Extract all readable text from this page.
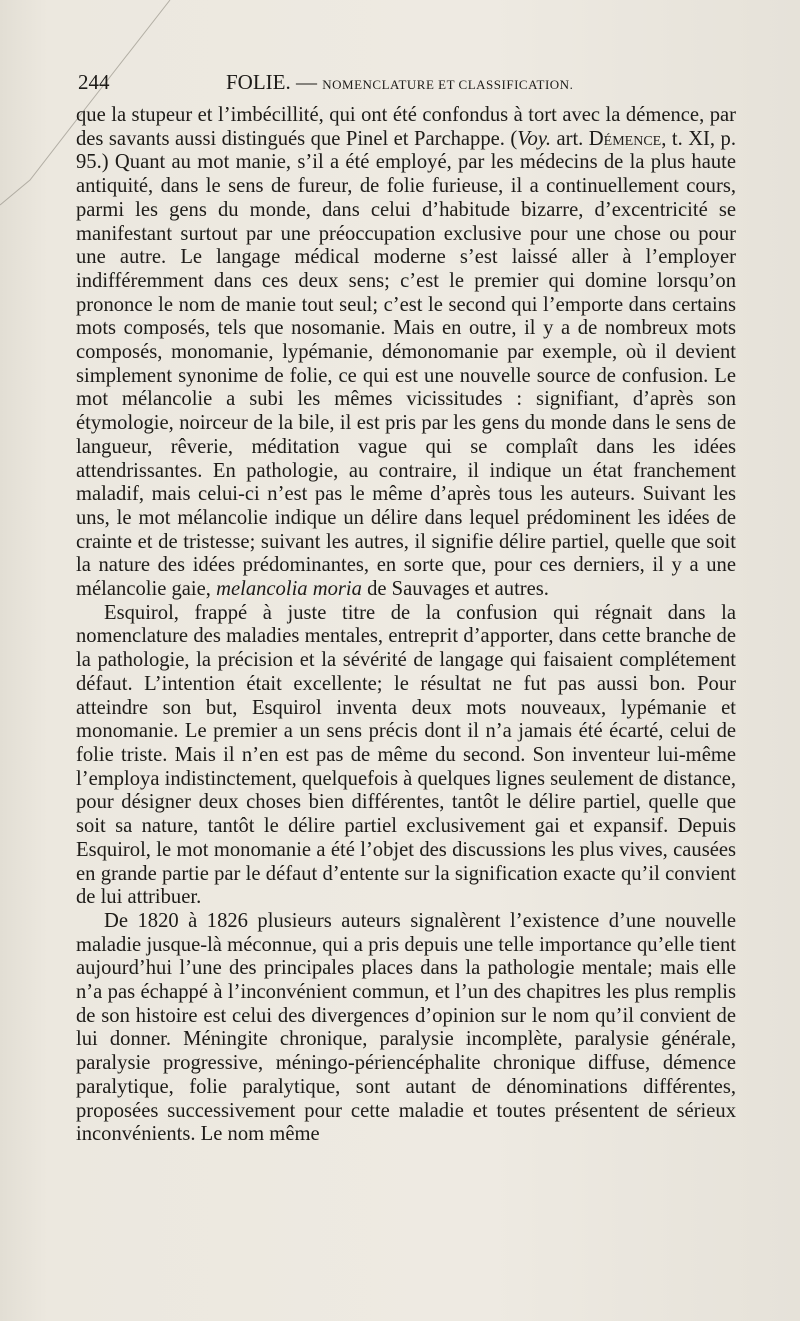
244	FOLIE. — NOMENCLATURE ET CLASSIFICATION.

que la stupeur et l’imbécillité, qui ont été confondus à tort avec la démence, par des savants aussi distingués que Pinel et Parchappe. (Voy. art. Démence, t. XI, p. 95.) Quant au mot manie, s’il a été employé, par les médecins de la plus haute antiquité, dans le sens de fureur, de folie furieuse, il a continuellement cours, parmi les gens du monde, dans celui d’habitude bizarre, d’excentricité se manifestant surtout par une préoccupation exclusive pour une chose ou pour une autre. Le langage médical moderne s’est laissé aller à l’employer indifféremment dans ces deux sens; c’est le premier qui domine lorsqu’on prononce le nom de manie tout seul; c’est le second qui l’emporte dans certains mots composés, tels que nosomanie. Mais en outre, il y a de nombreux mots composés, monomanie, lypémanie, démonomanie par exemple, où il devient simplement synonime de folie, ce qui est une nouvelle source de confusion. Le mot mélancolie a subi les mêmes vicissitudes : signifiant, d’après son étymologie, noirceur de la bile, il est pris par les gens du monde dans le sens de langueur, rêverie, méditation vague qui se complaît dans les idées attendrissantes. En pathologie, au contraire, il indique un état franchement maladif, mais celui-ci n’est pas le même d’après tous les auteurs. Suivant les uns, le mot mélancolie indique un délire dans lequel prédominent les idées de crainte et de tristesse; suivant les autres, il signifie délire partiel, quelle que soit la nature des idées prédominantes, en sorte que, pour ces derniers, il y a une mélancolie gaie, melancolia moria de Sauvages et autres.

Esquirol, frappé à juste titre de la confusion qui régnait dans la nomenclature des maladies mentales, entreprit d’apporter, dans cette branche de la pathologie, la précision et la sévérité de langage qui faisaient complétement défaut. L’intention était excellente; le résultat ne fut pas aussi bon. Pour atteindre son but, Esquirol inventa deux mots nouveaux, lypémanie et monomanie. Le premier a un sens précis dont il n’a jamais été écarté, celui de folie triste. Mais il n’en est pas de même du second. Son inventeur lui-même l’employa indistinctement, quelquefois à quelques lignes seulement de distance, pour désigner deux choses bien différentes, tantôt le délire partiel, quelle que soit sa nature, tantôt le délire partiel exclusivement gai et expansif. Depuis Esquirol, le mot monomanie a été l’objet des discussions les plus vives, causées en grande partie par le défaut d’entente sur la signification exacte qu’il convient de lui attribuer.

De 1820 à 1826 plusieurs auteurs signalèrent l’existence d’une nouvelle maladie jusque-là méconnue, qui a pris depuis une telle importance qu’elle tient aujourd’hui l’une des principales places dans la pathologie mentale; mais elle n’a pas échappé à l’inconvénient commun, et l’un des chapitres les plus remplis de son histoire est celui des divergences d’opinion sur le nom qu’il convient de lui donner. Méningite chronique, paralysie incomplète, paralysie générale, paralysie progressive, méningo-périencéphalite chronique diffuse, démence paralytique, folie paralytique, sont autant de dénominations différentes, proposées successivement pour cette maladie et toutes présentent de sérieux inconvénients. Le nom même
